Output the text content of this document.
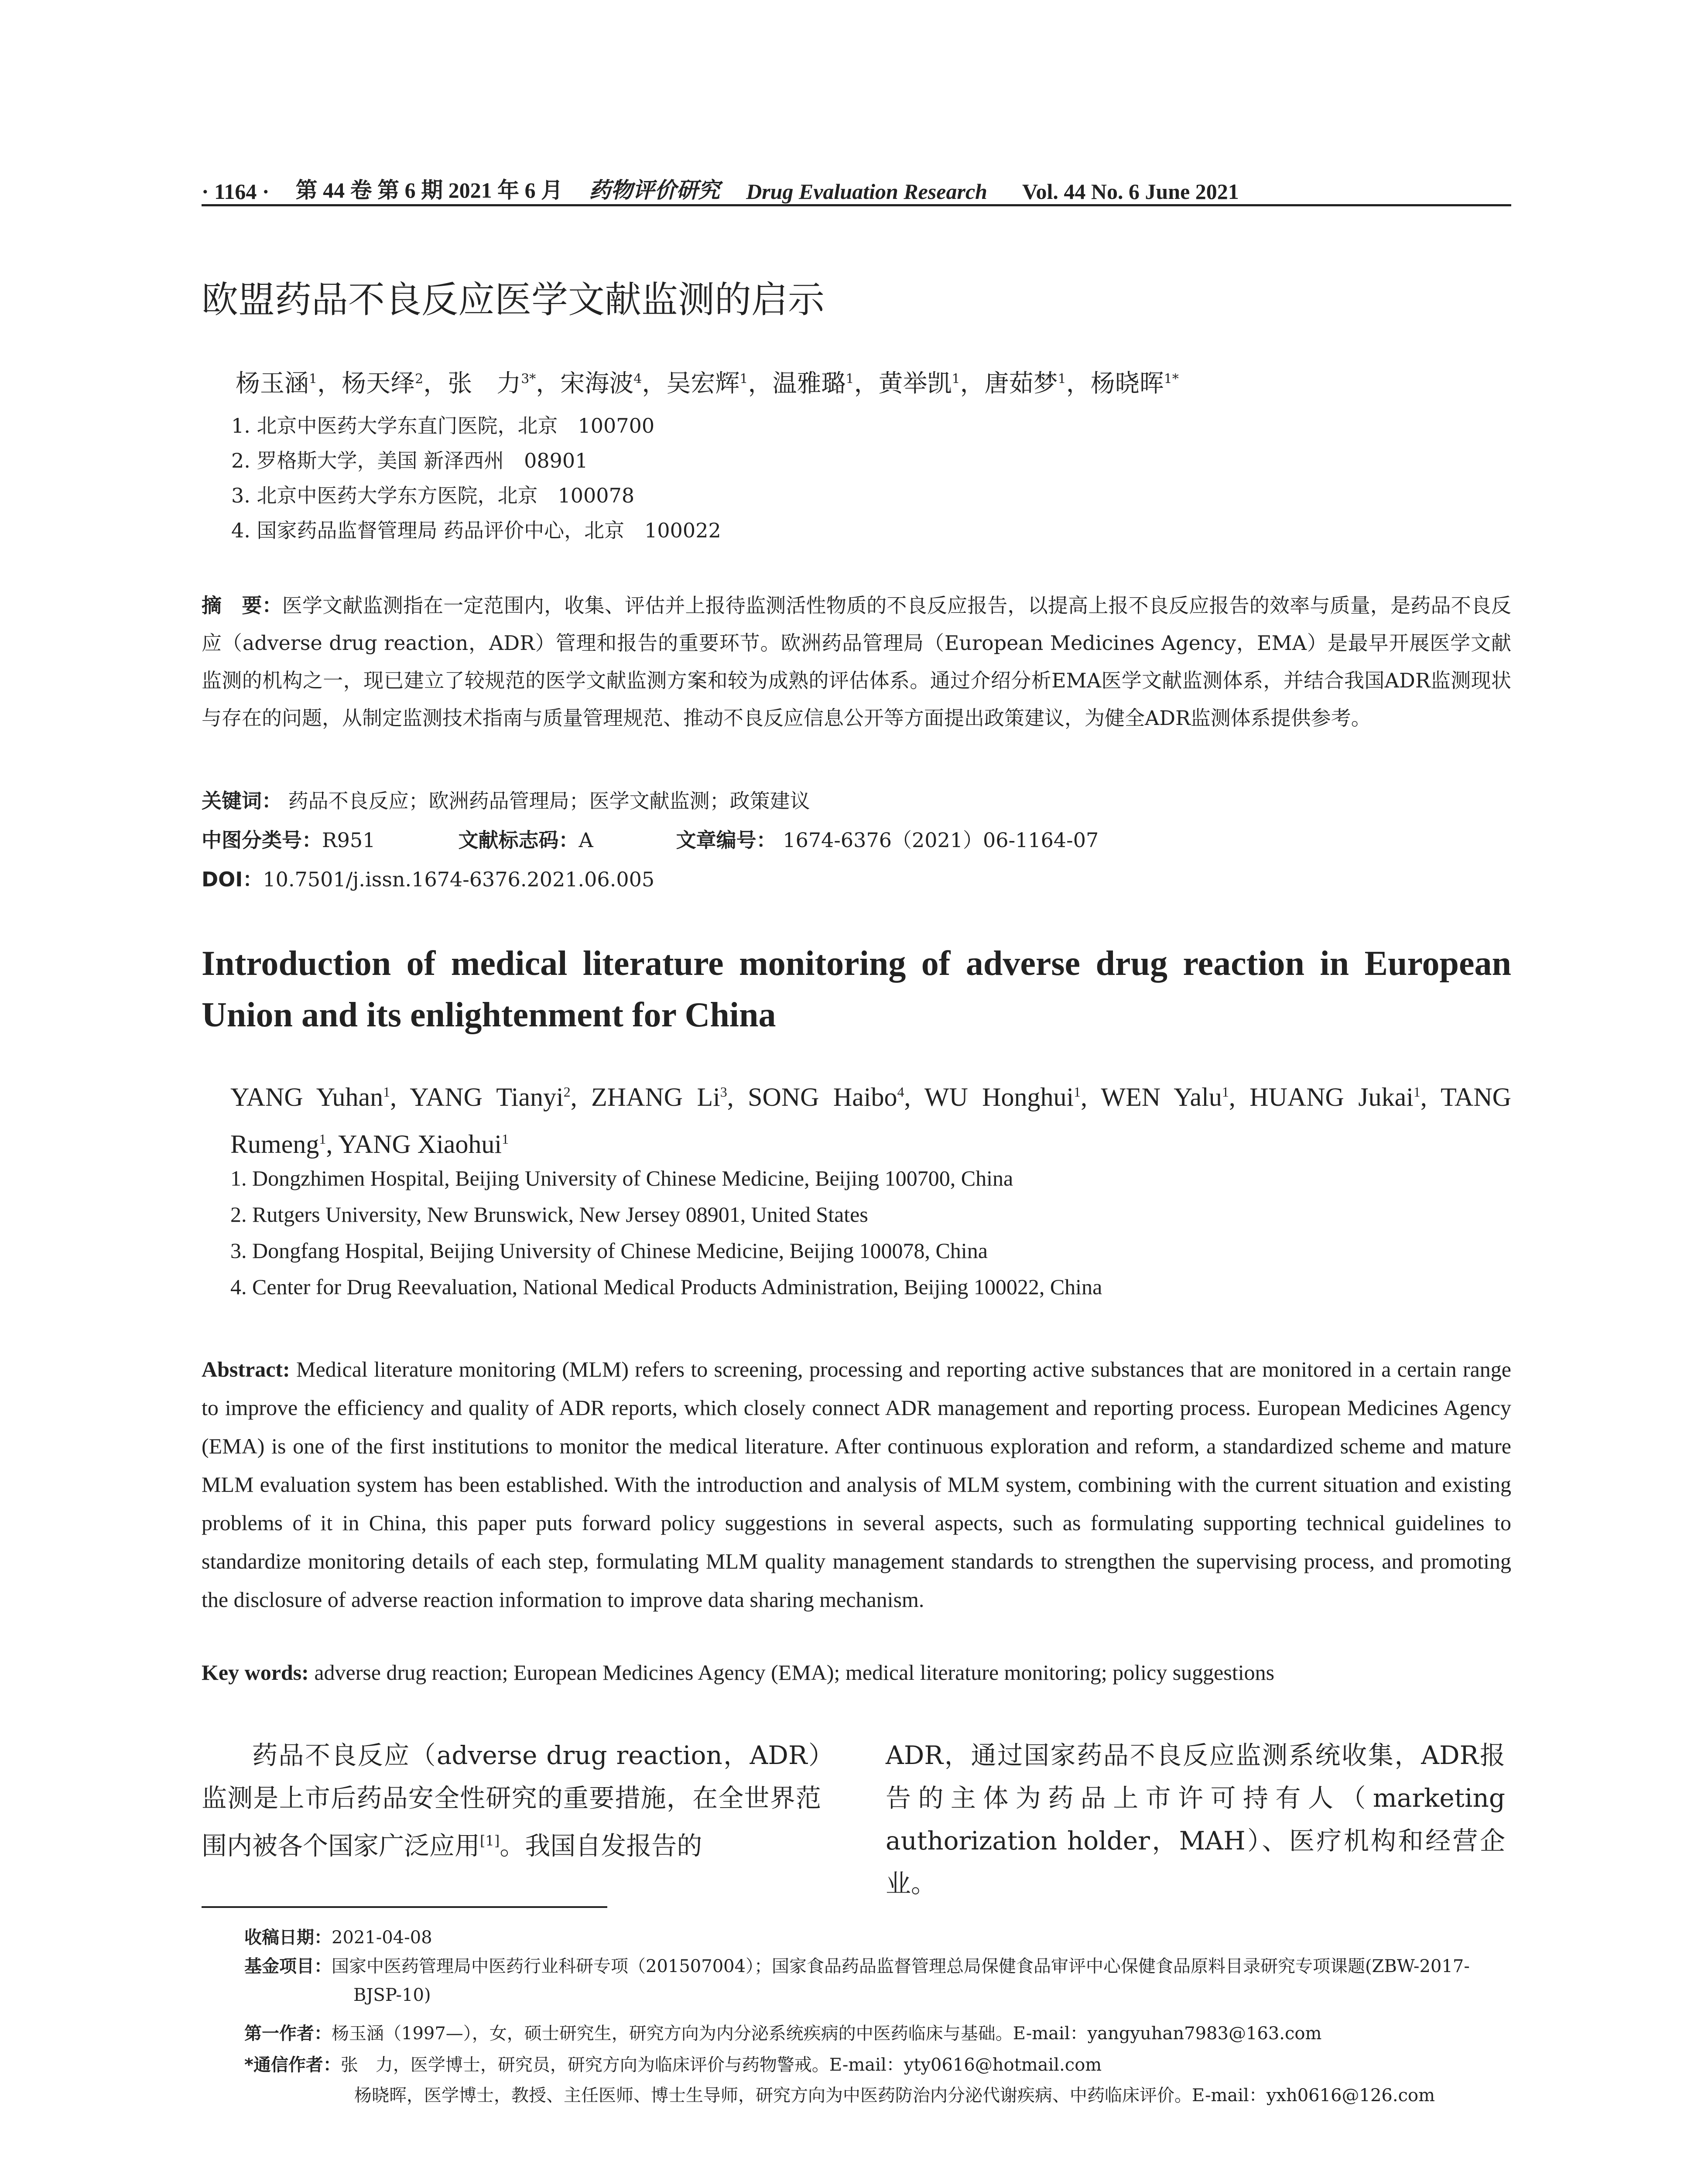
· 1164 · 第 44 卷 第 6 期 2021 年 6 月 药物评价研究 Drug Evaluation Research Vol. 44 No. 6 June 2021
欧盟药品不良反应医学文献监测的启示
杨玉涵$^1$，杨天绎$^2$，张　力$^{3*}$，宋海波$^4$，吴宏辉$^1$，温雅璐$^1$，黄举凯$^1$，唐茹梦$^1$，杨晓晖$^{1*}$
1. 北京中医药大学东直门医院，北京　100700
2. 罗格斯大学，美国 新泽西州　08901
3. 北京中医药大学东方医院，北京　100078
4. 国家药品监督管理局 药品评价中心，北京　100022
摘　要：医学文献监测指在一定范围内，收集、评估并上报待监测活性物质的不良反应报告，以提高上报不良反应报告的效率与质量，是药品不良反应（adverse drug reaction，ADR）管理和报告的重要环节。欧洲药品管理局（European Medicines Agency，EMA）是最早开展医学文献监测的机构之一，现已建立了较规范的医学文献监测方案和较为成熟的评估体系。通过介绍分析EMA医学文献监测体系，并结合我国ADR监测现状与存在的问题，从制定监测技术指南与质量管理规范、推动不良反应信息公开等方面提出政策建议，为健全ADR监测体系提供参考。
关键词： 药品不良反应；欧洲药品管理局；医学文献监测；政策建议
中图分类号：R951	文献标志码：A	文章编号： 1674-6376（2021）06-1164-07
DOI：10.7501/j.issn.1674-6376.2021.06.005
Introduction of medical literature monitoring of adverse drug reaction in European Union and its enlightenment for China
YANG Yuhan$^1$, YANG Tianyi$^2$, ZHANG Li$^3$, SONG Haibo$^4$, WU Honghui$^1$, WEN Yalu$^1$, HUANG Jukai$^1$, TANG Rumeng$^1$, YANG Xiaohui$^1$
1. Dongzhimen Hospital, Beijing University of Chinese Medicine, Beijing 100700, China
2. Rutgers University, New Brunswick, New Jersey 08901, United States
3. Dongfang Hospital, Beijing University of Chinese Medicine, Beijing 100078, China
4. Center for Drug Reevaluation, National Medical Products Administration, Beijing 100022, China
Abstract: Medical literature monitoring (MLM) refers to screening, processing and reporting active substances that are monitored in a certain range to improve the efficiency and quality of ADR reports, which closely connect ADR management and reporting process. European Medicines Agency (EMA) is one of the first institutions to monitor the medical literature. After continuous exploration and reform, a standardized scheme and mature MLM evaluation system has been established. With the introduction and analysis of MLM system, combining with the current situation and existing problems of it in China, this paper puts forward policy suggestions in several aspects, such as formulating supporting technical guidelines to standardize monitoring details of each step, formulating MLM quality management standards to strengthen the supervising process, and promoting the disclosure of adverse reaction information to improve data sharing mechanism.
Key words: adverse drug reaction; European Medicines Agency (EMA); medical literature monitoring; policy suggestions
药品不良反应（adverse drug reaction，ADR）监测是上市后药品安全性研究的重要措施，在全世界范围内被各个国家广泛应用[1]。我国自发报告的
ADR，通过国家药品不良反应监测系统收集，ADR报告的主体为药品上市许可持有人（marketing authorization holder，MAH）、医疗机构和经营企业。
收稿日期：2021-04-08
基金项目：国家中医药管理局中医药行业科研专项（201507004）；国家食品药品监督管理总局保健食品审评中心保健食品原料目录研究专项课题(ZBW-2017-BJSP-10)
第一作者：杨玉涵（1997—），女，硕士研究生，研究方向为内分泌系统疾病的中医药临床与基础。E-mail：yangyuhan7983@163.com
*通信作者：张　力，医学博士，研究员，研究方向为临床评价与药物警戒。E-mail：yty0616@hotmail.com
杨晓晖，医学博士，教授、主任医师、博士生导师，研究方向为中医药防治内分泌代谢疾病、中药临床评价。E-mail：yxh0616@126.com
